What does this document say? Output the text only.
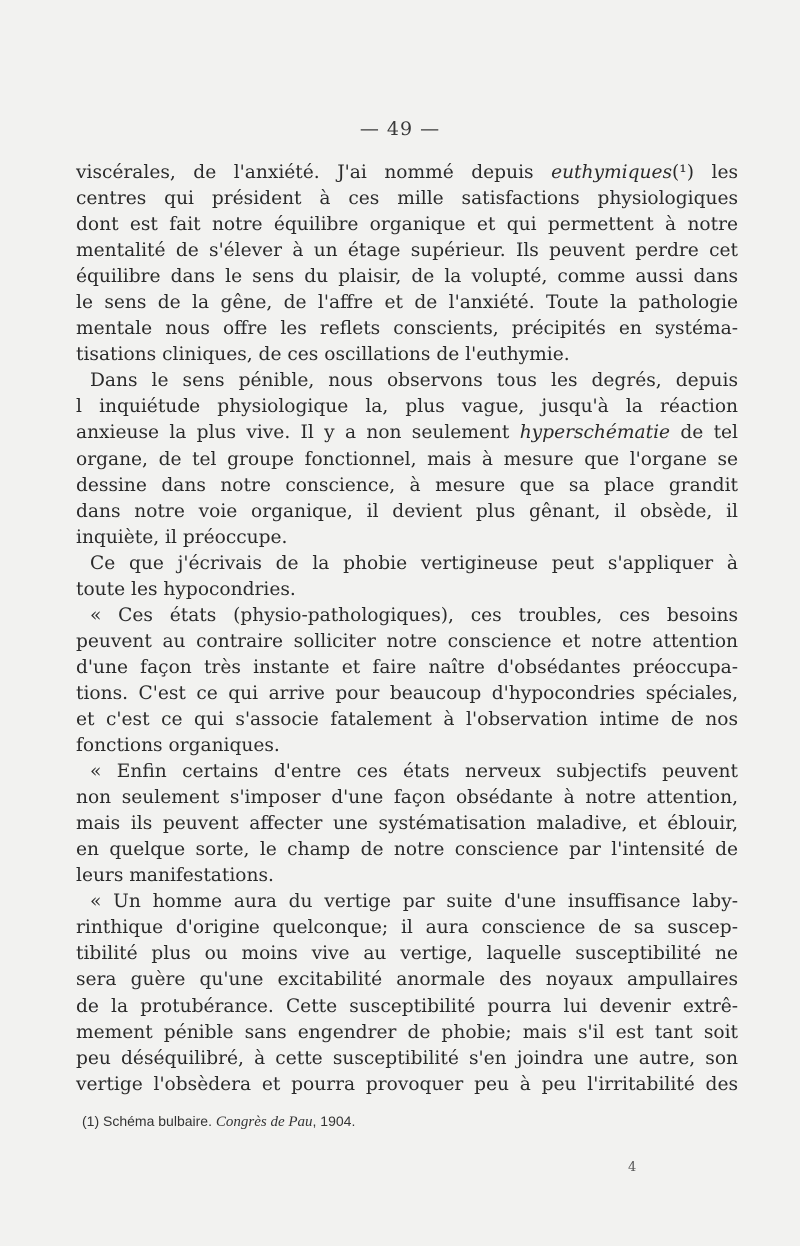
— 49 —
viscérales, de l'anxiété. J'ai nommé depuis euthymiques(¹) les
centres qui président à ces mille satisfactions physiologiques
dont est fait notre équilibre organique et qui permettent à notre
mentalité de s'élever à un étage supérieur. Ils peuvent perdre cet
équilibre dans le sens du plaisir, de la volupté, comme aussi dans
le sens de la gêne, de l'affre et de l'anxiété. Toute la pathologie
mentale nous offre les reflets conscients, précipités en systéma-
tisations cliniques, de ces oscillations de l'euthymie.
Dans le sens pénible, nous observons tous les degrés, depuis
l inquiétude physiologique la, plus vague, jusqu'à la réaction
anxieuse la plus vive. Il y a non seulement hyperschématie de tel
organe, de tel groupe fonctionnel, mais à mesure que l'organe se
dessine dans notre conscience, à mesure que sa place grandit
dans notre voie organique, il devient plus gênant, il obsède, il
inquiète, il préoccupe.
Ce que j'écrivais de la phobie vertigineuse peut s'appliquer à
toute les hypocondries.
« Ces états (physio-pathologiques), ces troubles, ces besoins
peuvent au contraire solliciter notre conscience et notre attention
d'une façon très instante et faire naître d'obsédantes préoccupa-
tions. C'est ce qui arrive pour beaucoup d'hypocondries spéciales,
et c'est ce qui s'associe fatalement à l'observation intime de nos
fonctions organiques.
« Enfin certains d'entre ces états nerveux subjectifs peuvent
non seulement s'imposer d'une façon obsédante à notre attention,
mais ils peuvent affecter une systématisation maladive, et éblouir,
en quelque sorte, le champ de notre conscience par l'intensité de
leurs manifestations.
« Un homme aura du vertige par suite d'une insuffisance laby-
rinthique d'origine quelconque; il aura conscience de sa suscep-
tibilité plus ou moins vive au vertige, laquelle susceptibilité ne
sera guère qu'une excitabilité anormale des noyaux ampullaires
de la protubérance. Cette susceptibilité pourra lui devenir extrê-
mement pénible sans engendrer de phobie; mais s'il est tant soit
peu déséquilibré, à cette susceptibilité s'en joindra une autre, son
vertige l'obsèdera et pourra provoquer peu à peu l'irritabilité des
(1) Schéma bulbaire. Congrès de Pau, 1904.
4
